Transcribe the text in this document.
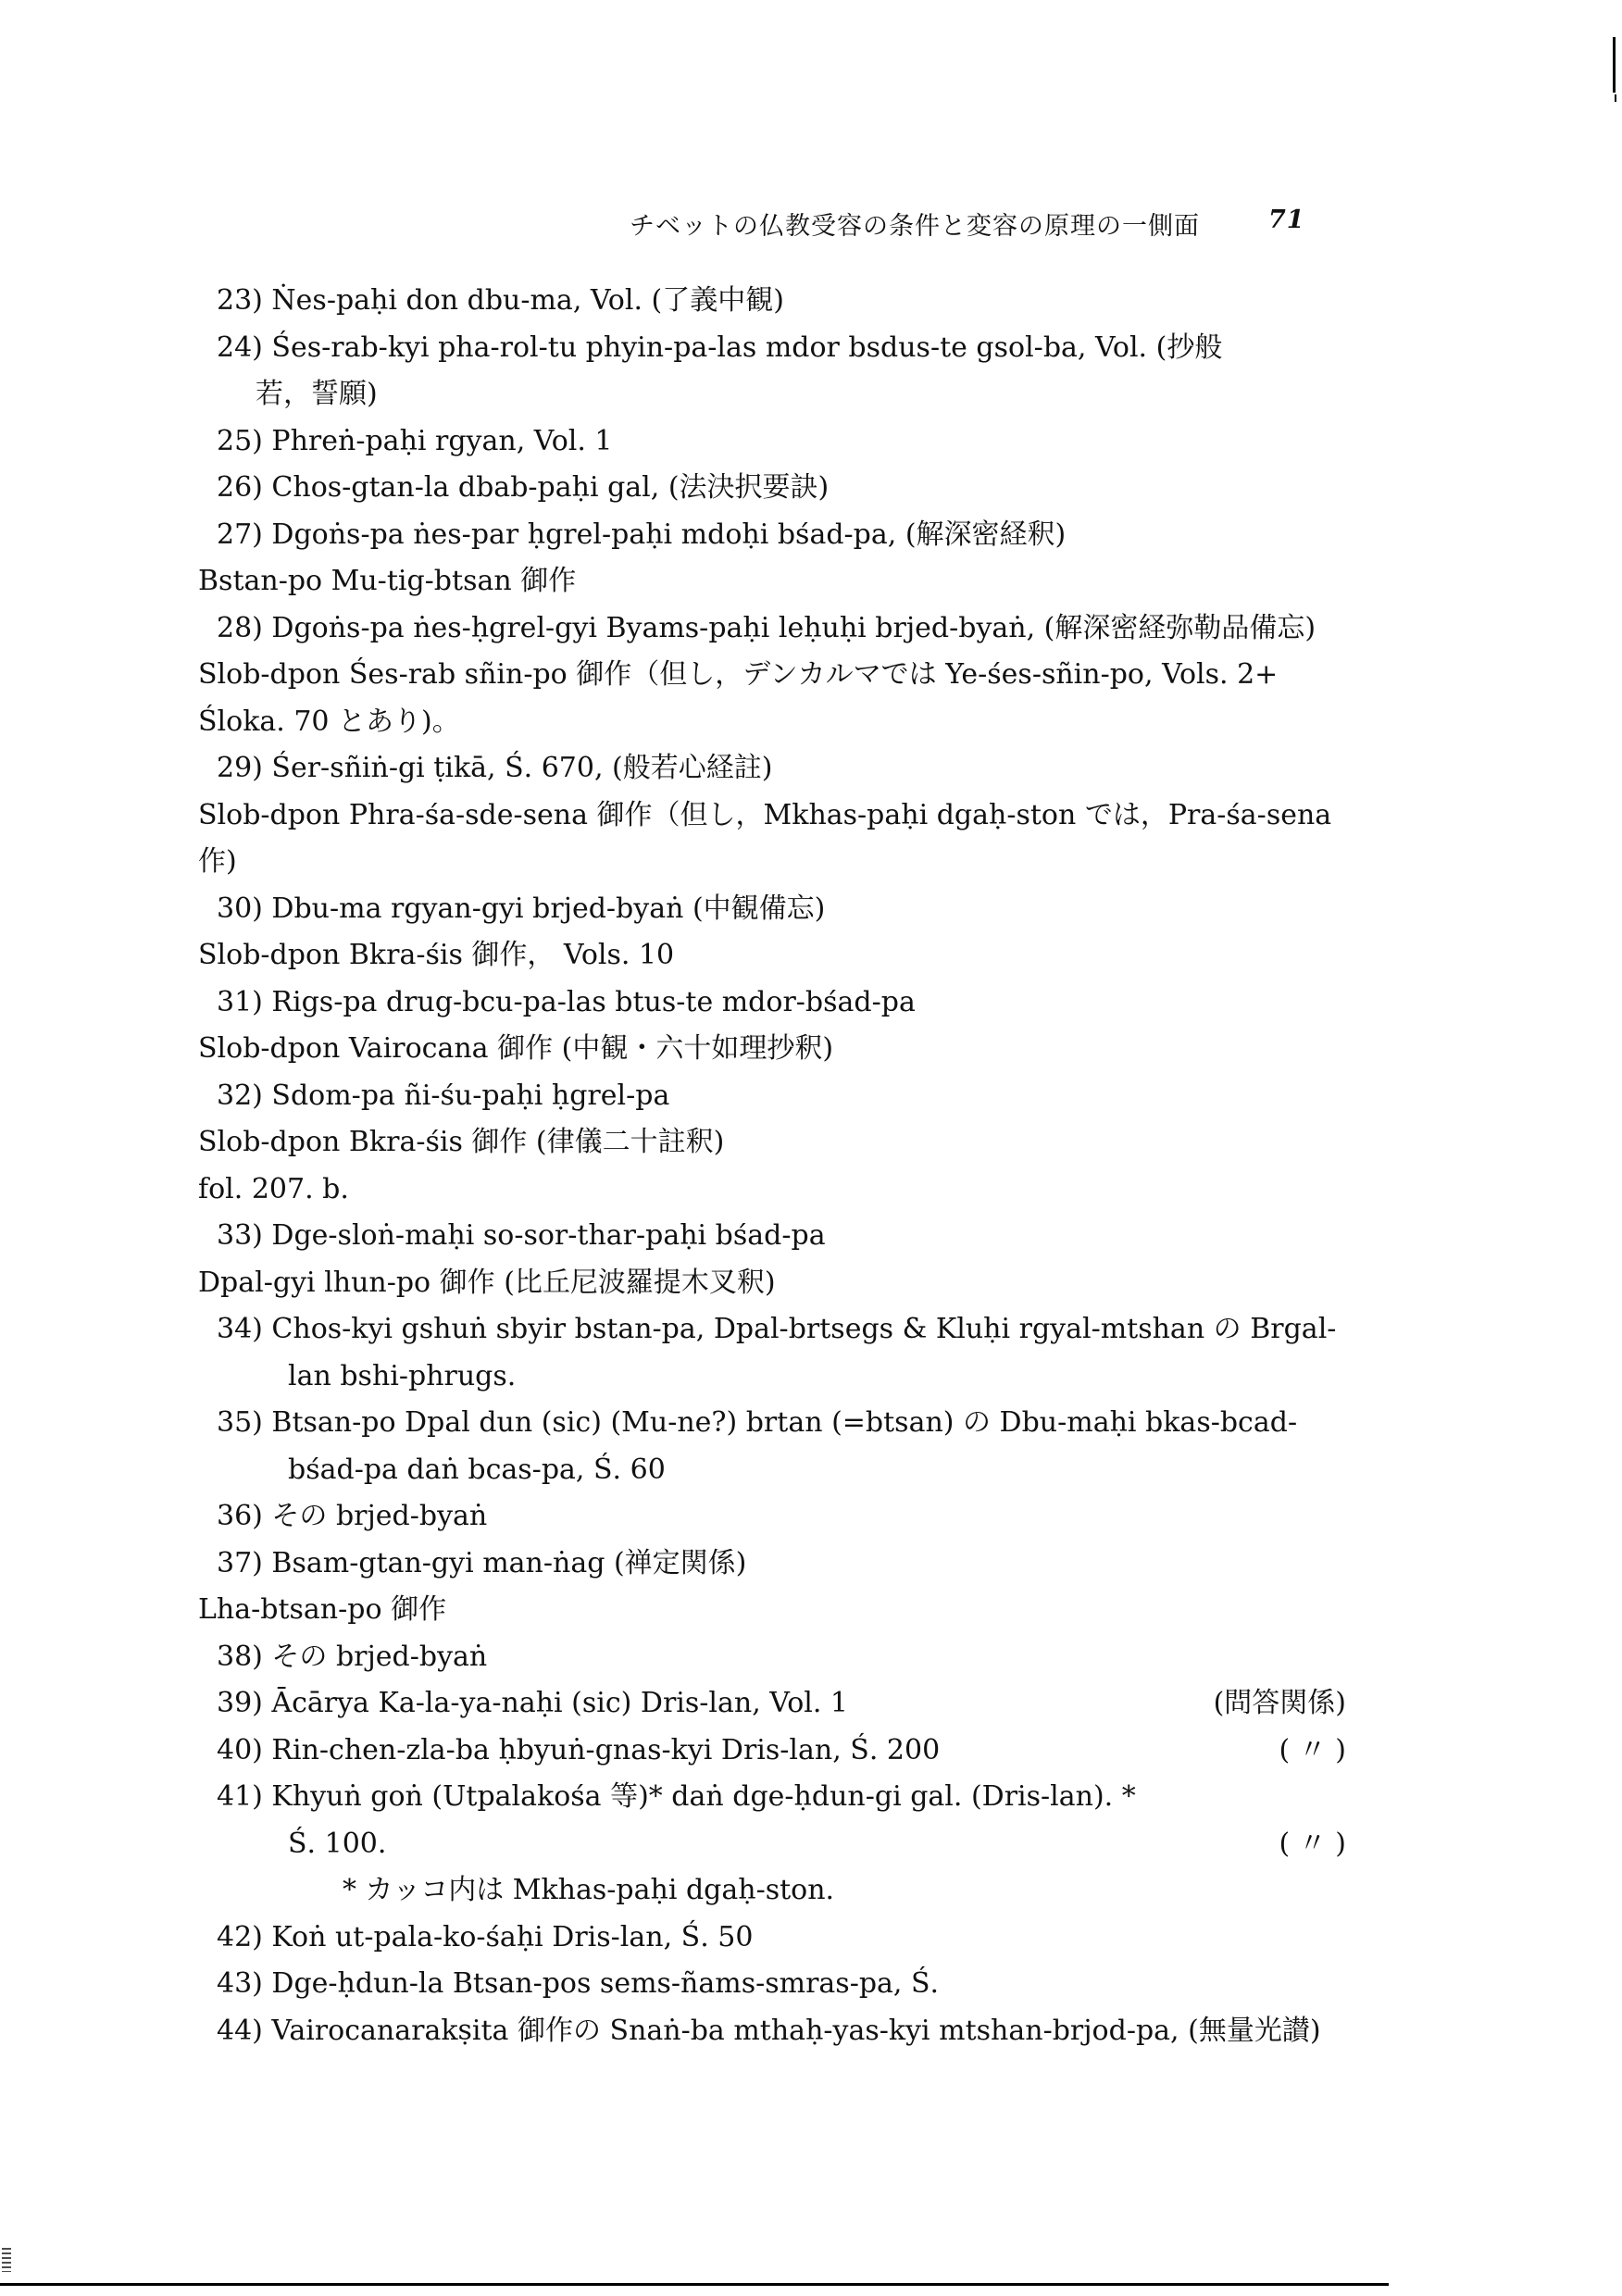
チベットの仏教受容の条件と変容の原理の一側面	71
23) Ṅes-paḥi don dbu-ma, Vol. (了義中観)
24) Śes-rab-kyi pha-rol-tu phyin-pa-las mdor bsdus-te gsol-ba, Vol. (抄般
若，誓願)
25) Phreṅ-paḥi rgyan, Vol. 1
26) Chos-gtan-la dbab-paḥi gal, (法決択要訣)
27) Dgoṅs-pa ṅes-par ḥgrel-paḥi mdoḥi bśad-pa, (解深密経釈)
Bstan-po Mu-tig-btsan 御作
28) Dgoṅs-pa ṅes-ḥgrel-gyi Byams-paḥi leḥuḥi brjed-byaṅ, (解深密経弥勒品備忘)
Slob-dpon Śes-rab sñin-po 御作（但し，デンカルマでは Ye-śes-sñin-po, Vols. 2+
Śloka. 70 とあり)。
29) Śer-sñiṅ-gi ṭikā, Ś. 670, (般若心経註)
Slob-dpon Phra-śa-sde-sena 御作（但し，Mkhas-paḥi dgaḥ-ston では，Pra-śa-sena
作)
30) Dbu-ma rgyan-gyi brjed-byaṅ (中観備忘)
Slob-dpon Bkra-śis 御作， Vols. 10
31) Rigs-pa drug-bcu-pa-las btus-te mdor-bśad-pa
Slob-dpon Vairocana 御作 (中観・六十如理抄釈)
32) Sdom-pa ñi-śu-paḥi ḥgrel-pa
Slob-dpon Bkra-śis 御作 (律儀二十註釈)
fol. 207. b.
33) Dge-sloṅ-maḥi so-sor-thar-paḥi bśad-pa
Dpal-gyi lhun-po 御作 (比丘尼波羅提木叉釈)
34) Chos-kyi gshuṅ sbyir bstan-pa, Dpal-brtsegs & Kluḥi rgyal-mtshan の Brgal-
lan bshi-phrugs.
35) Btsan-po Dpal dun (sic) (Mu-ne?) brtan (=btsan) の Dbu-maḥi bkas-bcad-
bśad-pa daṅ bcas-pa, Ś. 60
36) その brjed-byaṅ
37) Bsam-gtan-gyi man-ṅag (禅定関係)
Lha-btsan-po 御作
38) その brjed-byaṅ
39) Ācārya Ka-la-ya-naḥi (sic) Dris-lan, Vol. 1	(問答関係)
40) Rin-chen-zla-ba ḥbyuṅ-gnas-kyi Dris-lan, Ś. 200	( 〃 )
41) Khyuṅ goṅ (Utpalakośa 等)* daṅ dge-ḥdun-gi gal. (Dris-lan). *
Ś. 100.	( 〃 )
* カッコ内は Mkhas-paḥi dgaḥ-ston.
42) Koṅ ut-pala-ko-śaḥi Dris-lan, Ś. 50
43) Dge-ḥdun-la Btsan-pos sems-ñams-smras-pa, Ś.
44) Vairocanarakṣita 御作の Snaṅ-ba mthaḥ-yas-kyi mtshan-brjod-pa, (無量光讃)
